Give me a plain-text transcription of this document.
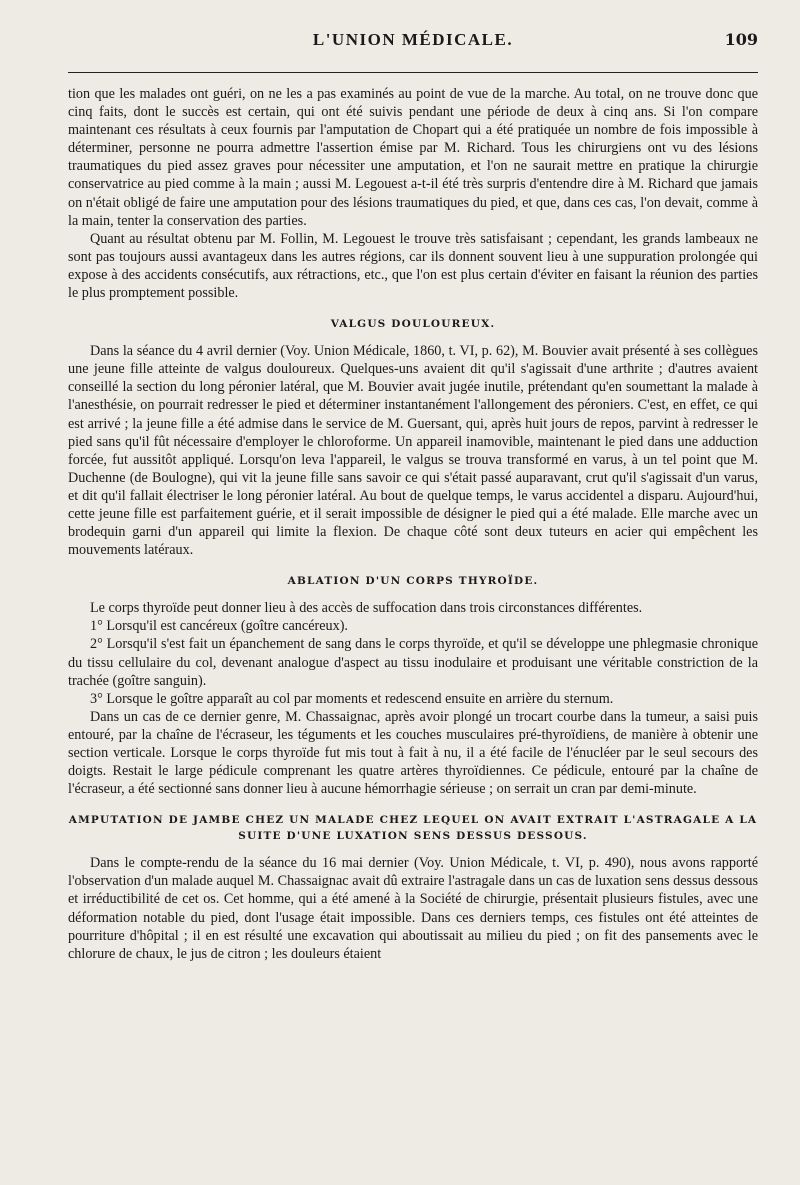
L'UNION MÉDICALE.	109

tion que les malades ont guéri, on ne les a pas examinés au point de vue de la marche. Au total, on ne trouve donc que cinq faits, dont le succès est certain, qui ont été suivis pendant une période de deux à cinq ans. Si l'on compare maintenant ces résultats à ceux fournis par l'amputation de Chopart qui a été pratiquée un nombre de fois impossible à déterminer, personne ne pourra admettre l'assertion émise par M. Richard. Tous les chirurgiens ont vu des lésions traumatiques du pied assez graves pour nécessiter une amputation, et l'on ne saurait mettre en pratique la chirurgie conservatrice au pied comme à la main ; aussi M. Legouest a-t-il été très surpris d'entendre dire à M. Richard que jamais on n'était obligé de faire une amputation pour des lésions traumatiques du pied, et que, dans ces cas, l'on devait, comme à la main, tenter la conservation des parties.

Quant au résultat obtenu par M. Follin, M. Legouest le trouve très satisfaisant ; cependant, les grands lambeaux ne sont pas toujours aussi avantageux dans les autres régions, car ils donnent souvent lieu à une suppuration prolongée qui expose à des accidents consécutifs, aux rétractions, etc., que l'on est plus certain d'éviter en faisant la réunion des parties le plus promptement possible.

VALGUS DOULOUREUX.

Dans la séance du 4 avril dernier (Voy. Union Médicale, 1860, t. VI, p. 62), M. Bouvier avait présenté à ses collègues une jeune fille atteinte de valgus douloureux. Quelques-uns avaient dit qu'il s'agissait d'une arthrite ; d'autres avaient conseillé la section du long péronier latéral, que M. Bouvier avait jugée inutile, prétendant qu'en soumettant la malade à l'anesthésie, on pourrait redresser le pied et déterminer instantanément l'allongement des péroniers. C'est, en effet, ce qui est arrivé ; la jeune fille a été admise dans le service de M. Guersant, qui, après huit jours de repos, parvint à redresser le pied sans qu'il fût nécessaire d'employer le chloroforme. Un appareil inamovible, maintenant le pied dans une adduction forcée, fut aussitôt appliqué. Lorsqu'on leva l'appareil, le valgus se trouva transformé en varus, à un tel point que M. Duchenne (de Boulogne), qui vit la jeune fille sans savoir ce qui s'était passé auparavant, crut qu'il s'agissait d'un varus, et dit qu'il fallait électriser le long péronier latéral. Au bout de quelque temps, le varus accidentel a disparu. Aujourd'hui, cette jeune fille est parfaitement guérie, et il serait impossible de désigner le pied qui a été malade. Elle marche avec un brodequin garni d'un appareil qui limite la flexion. De chaque côté sont deux tuteurs en acier qui empêchent les mouvements latéraux.

ABLATION D'UN CORPS THYROÏDE.

Le corps thyroïde peut donner lieu à des accès de suffocation dans trois circonstances différentes.

1° Lorsqu'il est cancéreux (goître cancéreux).

2° Lorsqu'il s'est fait un épanchement de sang dans le corps thyroïde, et qu'il se développe une phlegmasie chronique du tissu cellulaire du col, devenant analogue d'aspect au tissu inodulaire et produisant une véritable constriction de la trachée (goître sanguin).

3° Lorsque le goître apparaît au col par moments et redescend ensuite en arrière du sternum.

Dans un cas de ce dernier genre, M. Chassaignac, après avoir plongé un trocart courbe dans la tumeur, a saisi puis entouré, par la chaîne de l'écraseur, les téguments et les couches musculaires pré-thyroïdiens, de manière à obtenir une section verticale. Lorsque le corps thyroïde fut mis tout à fait à nu, il a été facile de l'énucléer par le seul secours des doigts. Restait le large pédicule comprenant les quatre artères thyroïdiennes. Ce pédicule, entouré par la chaîne de l'écraseur, a été sectionné sans donner lieu à aucune hémorrhagie sérieuse ; on serrait un cran par demi-minute.

AMPUTATION DE JAMBE CHEZ UN MALADE CHEZ LEQUEL ON AVAIT EXTRAIT L'ASTRAGALE A LA SUITE D'UNE LUXATION SENS DESSUS DESSOUS.

Dans le compte-rendu de la séance du 16 mai dernier (Voy. Union Médicale, t. VI, p. 490), nous avons rapporté l'observation d'un malade auquel M. Chassaignac avait dû extraire l'astragale dans un cas de luxation sens dessus dessous et irréductibilité de cet os. Cet homme, qui a été amené à la Société de chirurgie, présentait plusieurs fistules, avec une déformation notable du pied, dont l'usage était impossible. Dans ces derniers temps, ces fistules ont été atteintes de pourriture d'hôpital ; il en est résulté une excavation qui aboutissait au milieu du pied ; on fit des pansements avec le chlorure de chaux, le jus de citron ; les douleurs étaient
